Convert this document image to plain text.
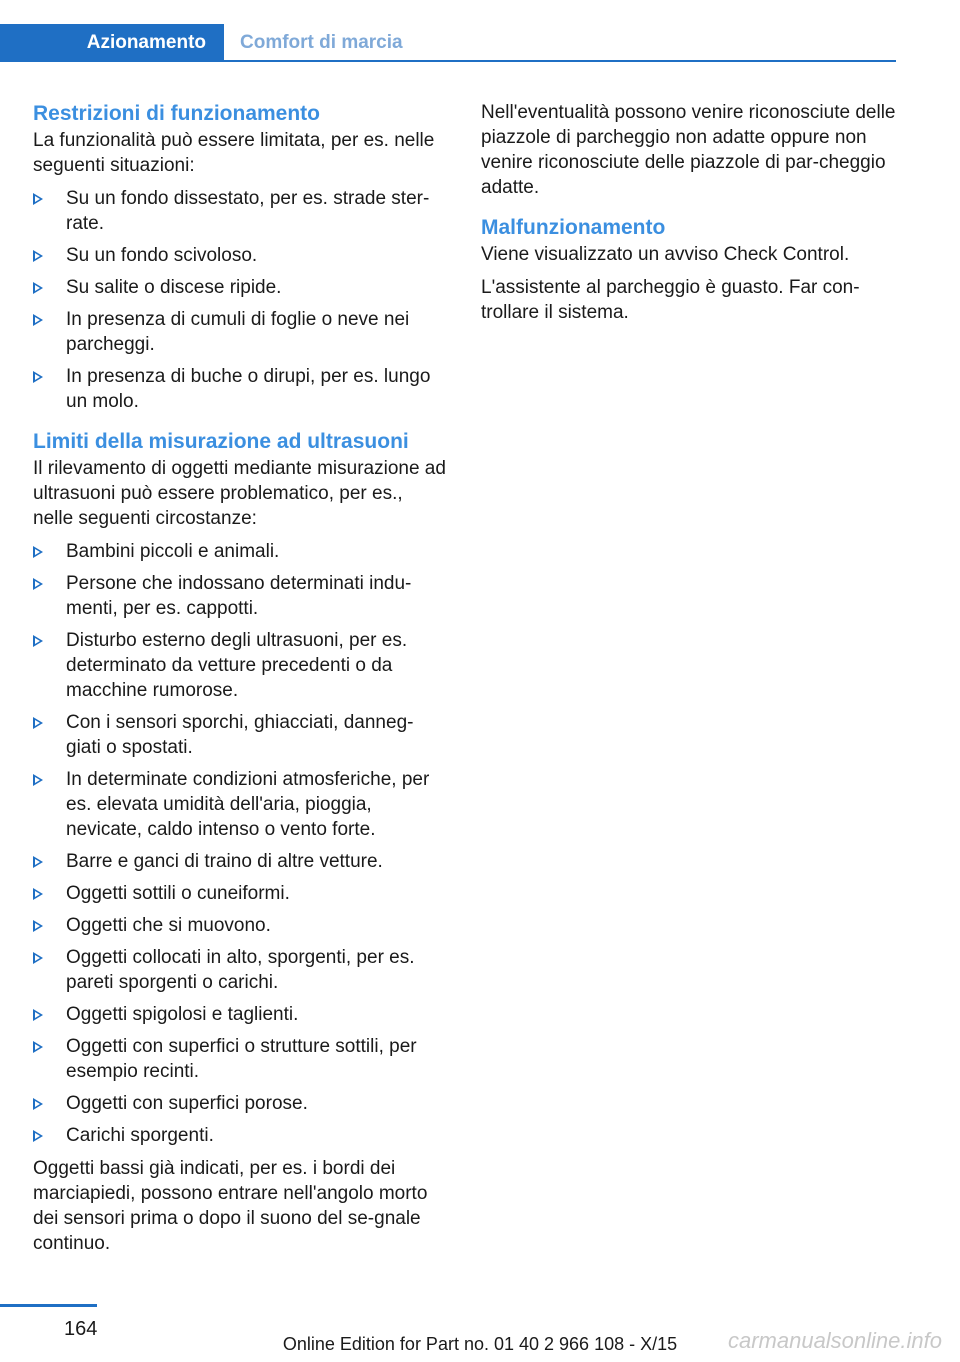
Azionamento	Comfort di marcia
Restrizioni di funzionamento

La funzionalità può essere limitata, per es. nelle seguenti situazioni:

Su un fondo dissestato, per es. strade ster-rate.
Su un fondo scivoloso.
Su salite o discese ripide.
In presenza di cumuli di foglie o neve nei parcheggi.
In presenza di buche o dirupi, per es. lungo un molo.
Limiti della misurazione ad ultrasuoni

Il rilevamento di oggetti mediante misurazione ad ultrasuoni può essere problematico, per es., nelle seguenti circostanze:

Bambini piccoli e animali.
Persone che indossano determinati indu-menti, per es. cappotti.
Disturbo esterno degli ultrasuoni, per es. determinato da vetture precedenti o da macchine rumorose.
Con i sensori sporchi, ghiacciati, danneg-giati o spostati.
In determinate condizioni atmosferiche, per es. elevata umidità dell'aria, pioggia, nevicate, caldo intenso o vento forte.
Barre e ganci di traino di altre vetture.
Oggetti sottili o cuneiformi.
Oggetti che si muovono.
Oggetti collocati in alto, sporgenti, per es. pareti sporgenti o carichi.
Oggetti spigolosi e taglienti.
Oggetti con superfici o strutture sottili, per esempio recinti.
Oggetti con superfici porose.
Carichi sporgenti.

Oggetti bassi già indicati, per es. i bordi dei marciapiedi, possono entrare nell'angolo morto dei sensori prima o dopo il suono del se-gnale continuo.

Nell'eventualità possono venire riconosciute delle piazzole di parcheggio non adatte oppure non venire riconosciute delle piazzole di par-cheggio adatte.

Malfunzionamento

Viene visualizzato un avviso Check Control.

L'assistente al parcheggio è guasto. Far con-trollare il sistema.

164
Online Edition for Part no. 01 40 2 966 108 - X/15	carmanualsonline.info
